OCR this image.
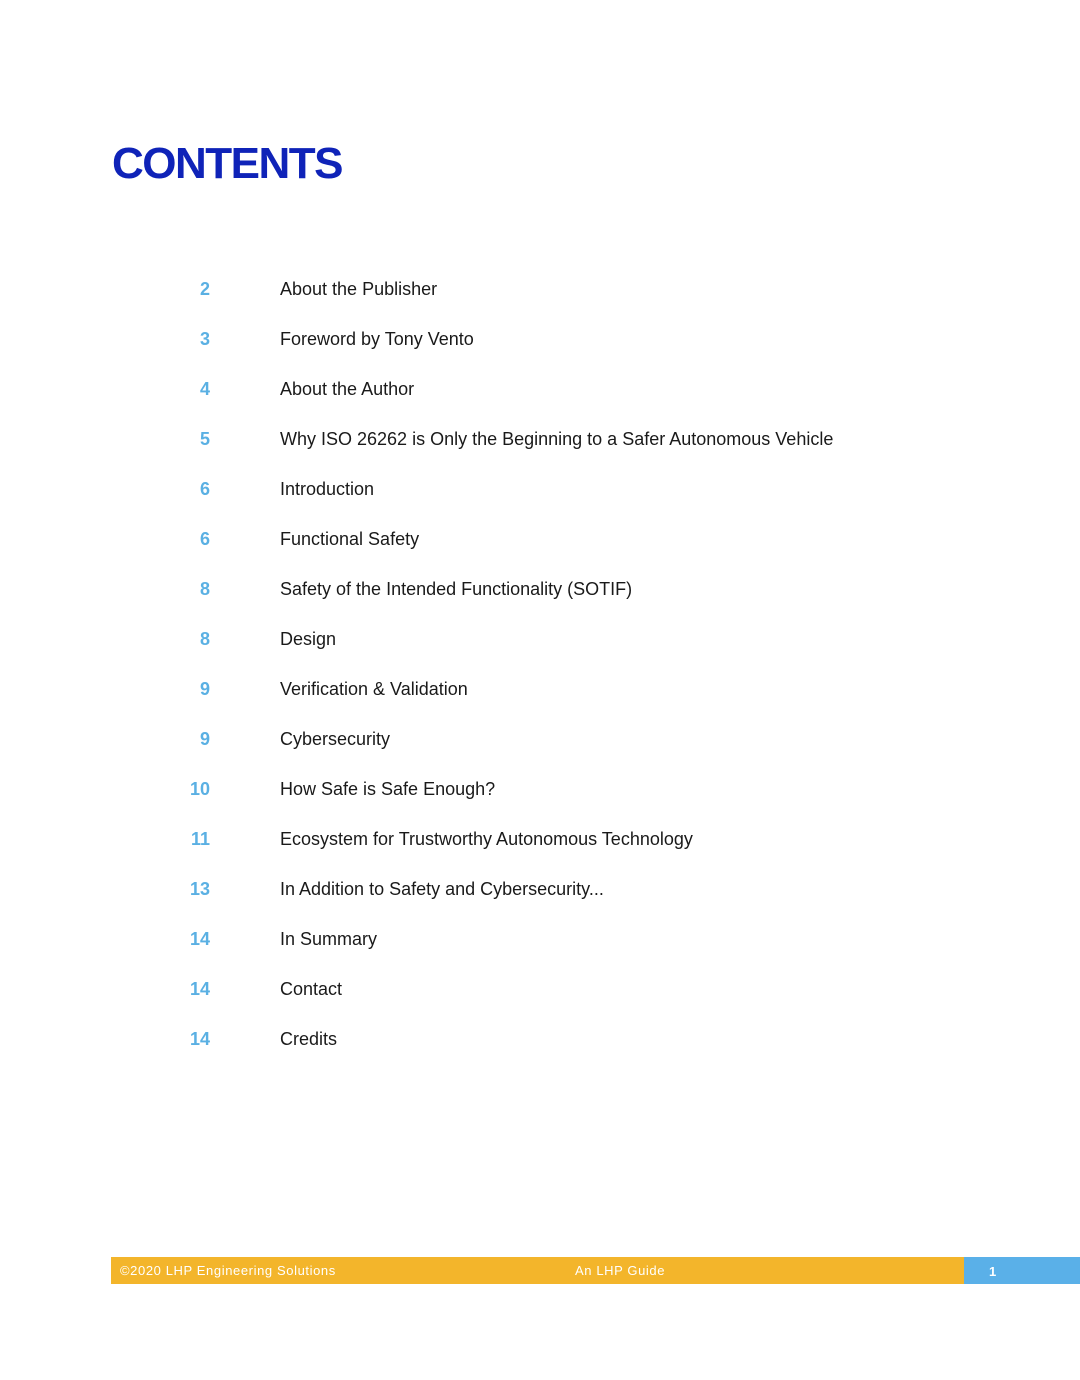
CONTENTS
2	About the Publisher
3	Foreword by Tony Vento
4	About the Author
5	Why ISO 26262 is Only the Beginning to a Safer Autonomous Vehicle
6	Introduction
6	Functional Safety
8	Safety of the Intended Functionality (SOTIF)
8	Design
9	Verification & Validation
9	Cybersecurity
10	How Safe is Safe Enough?
11	Ecosystem for Trustworthy Autonomous Technology
13	In Addition to Safety and Cybersecurity...
14	In Summary
14	Contact
14	Credits
©2020 LHP Engineering Solutions	An LHP Guide	1
